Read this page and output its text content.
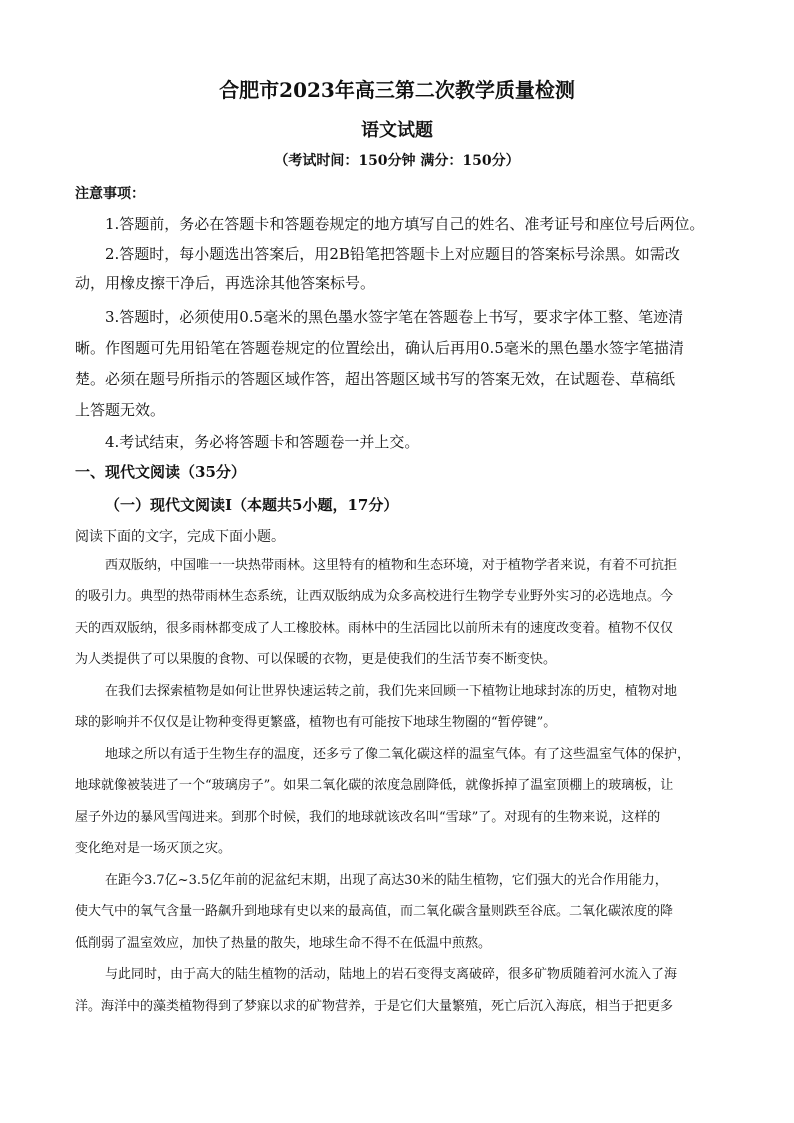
合肥市2023年高三第二次教学质量检测
语文试题
（考试时间：150分钟 满分：150分）
注意事项：
1.答题前，务必在答题卡和答题卷规定的地方填写自己的姓名、准考证号和座位号后两位。
2.答题时，每小题选出答案后，用2B铅笔把答题卡上对应题目的答案标号涂黑。如需改
动，用橡皮擦干净后，再选涂其他答案标号。
3.答题时，必须使用0.5毫米的黑色墨水签字笔在答题卷上书写，要求字体工整、笔迹清
晰。作图题可先用铅笔在答题卷规定的位置绘出，确认后再用0.5毫米的黑色墨水签字笔描清
楚。必须在题号所指示的答题区域作答，超出答题区域书写的答案无效，在试题卷、草稿纸
上答题无效。
4.考试结束，务必将答题卡和答题卷一并上交。
一、现代文阅读（35分）
（一）现代文阅读Ⅰ（本题共5小题，17分）
阅读下面的文字，完成下面小题。
西双版纳，中国唯一一块热带雨林。这里特有的植物和生态环境，对于植物学者来说，有着不可抗拒
的吸引力。典型的热带雨林生态系统，让西双版纳成为众多高校进行生物学专业野外实习的必选地点。今
天的西双版纳，很多雨林都变成了人工橡胶林。雨林中的生活园比以前所未有的速度改变着。植物不仅仅
为人类提供了可以果腹的食物、可以保暖的衣物，更是使我们的生活节奏不断变快。
在我们去探索植物是如何让世界快速运转之前，我们先来回顾一下植物让地球封冻的历史，植物对地
球的影响并不仅仅是让物种变得更繁盛，植物也有可能按下地球生物圈的“暂停键”。
地球之所以有适于生物生存的温度，还多亏了像二氧化碳这样的温室气体。有了这些温室气体的保护，
地球就像被装进了一个“玻璃房子”。如果二氧化碳的浓度急剧降低，就像拆掉了温室顶棚上的玻璃板，让
屋子外边的暴风雪闯进来。到那个时候，我们的地球就该改名叫“雪球”了。对现有的生物来说，这样的
变化绝对是一场灭顶之灾。
在距今3.7亿~3.5亿年前的泥盆纪末期，出现了高达30米的陆生植物，它们强大的光合作用能力，
使大气中的氧气含量一路飙升到地球有史以来的最高值，而二氧化碳含量则跌至谷底。二氧化碳浓度的降
低削弱了温室效应，加快了热量的散失，地球生命不得不在低温中煎熬。
与此同时，由于高大的陆生植物的活动，陆地上的岩石变得支离破碎，很多矿物质随着河水流入了海
洋。海洋中的藻类植物得到了梦寐以求的矿物营养，于是它们大量繁殖，死亡后沉入海底，相当于把更多
